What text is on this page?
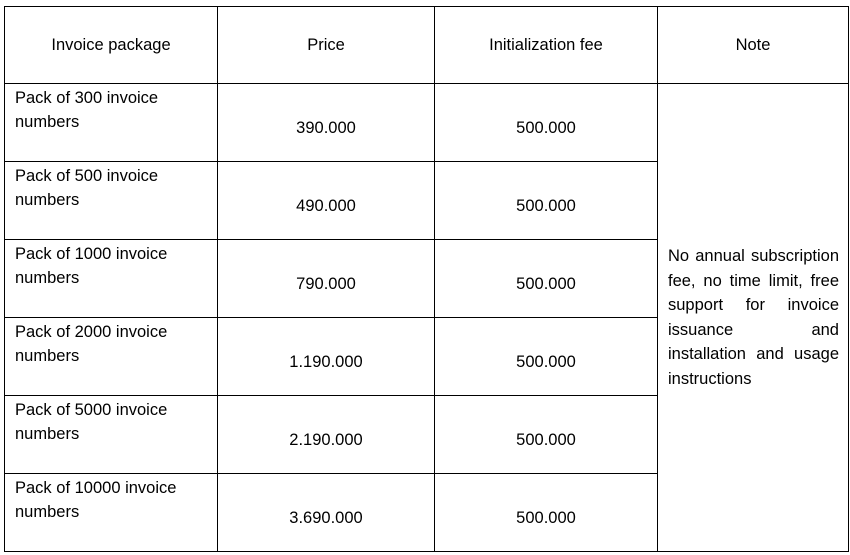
Invoice package	Price	Initialization fee	Note
Pack of 300 invoice numbers	390.000	500.000	No annual subscription fee, no time limit, free support for invoice issuance and installation and usage instructions
Pack of 500 invoice numbers	490.000	500.000	
Pack of 1000 invoice numbers	790.000	500.000	
Pack of 2000 invoice numbers	1.190.000	500.000	
Pack of 5000 invoice numbers	2.190.000	500.000	
Pack of 10000 invoice numbers	3.690.000	500.000	
